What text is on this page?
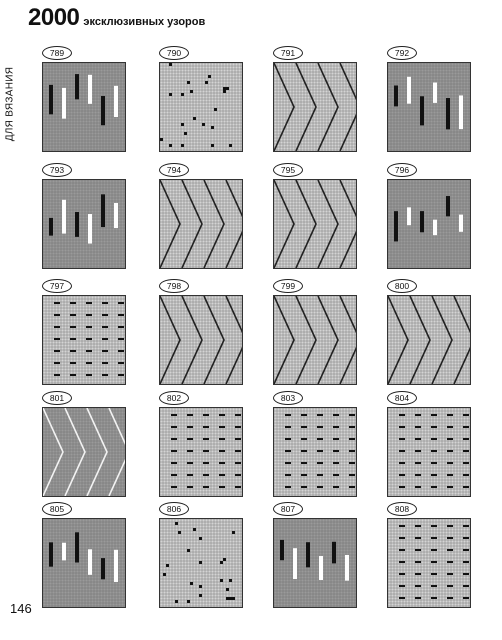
2000 эксклюзивных узоров
ДЛЯ ВЯЗАНИЯ
789	790	791	792
793	794	795	796
797	798	799	800
801	802	803	804
805	806	807	808
146
